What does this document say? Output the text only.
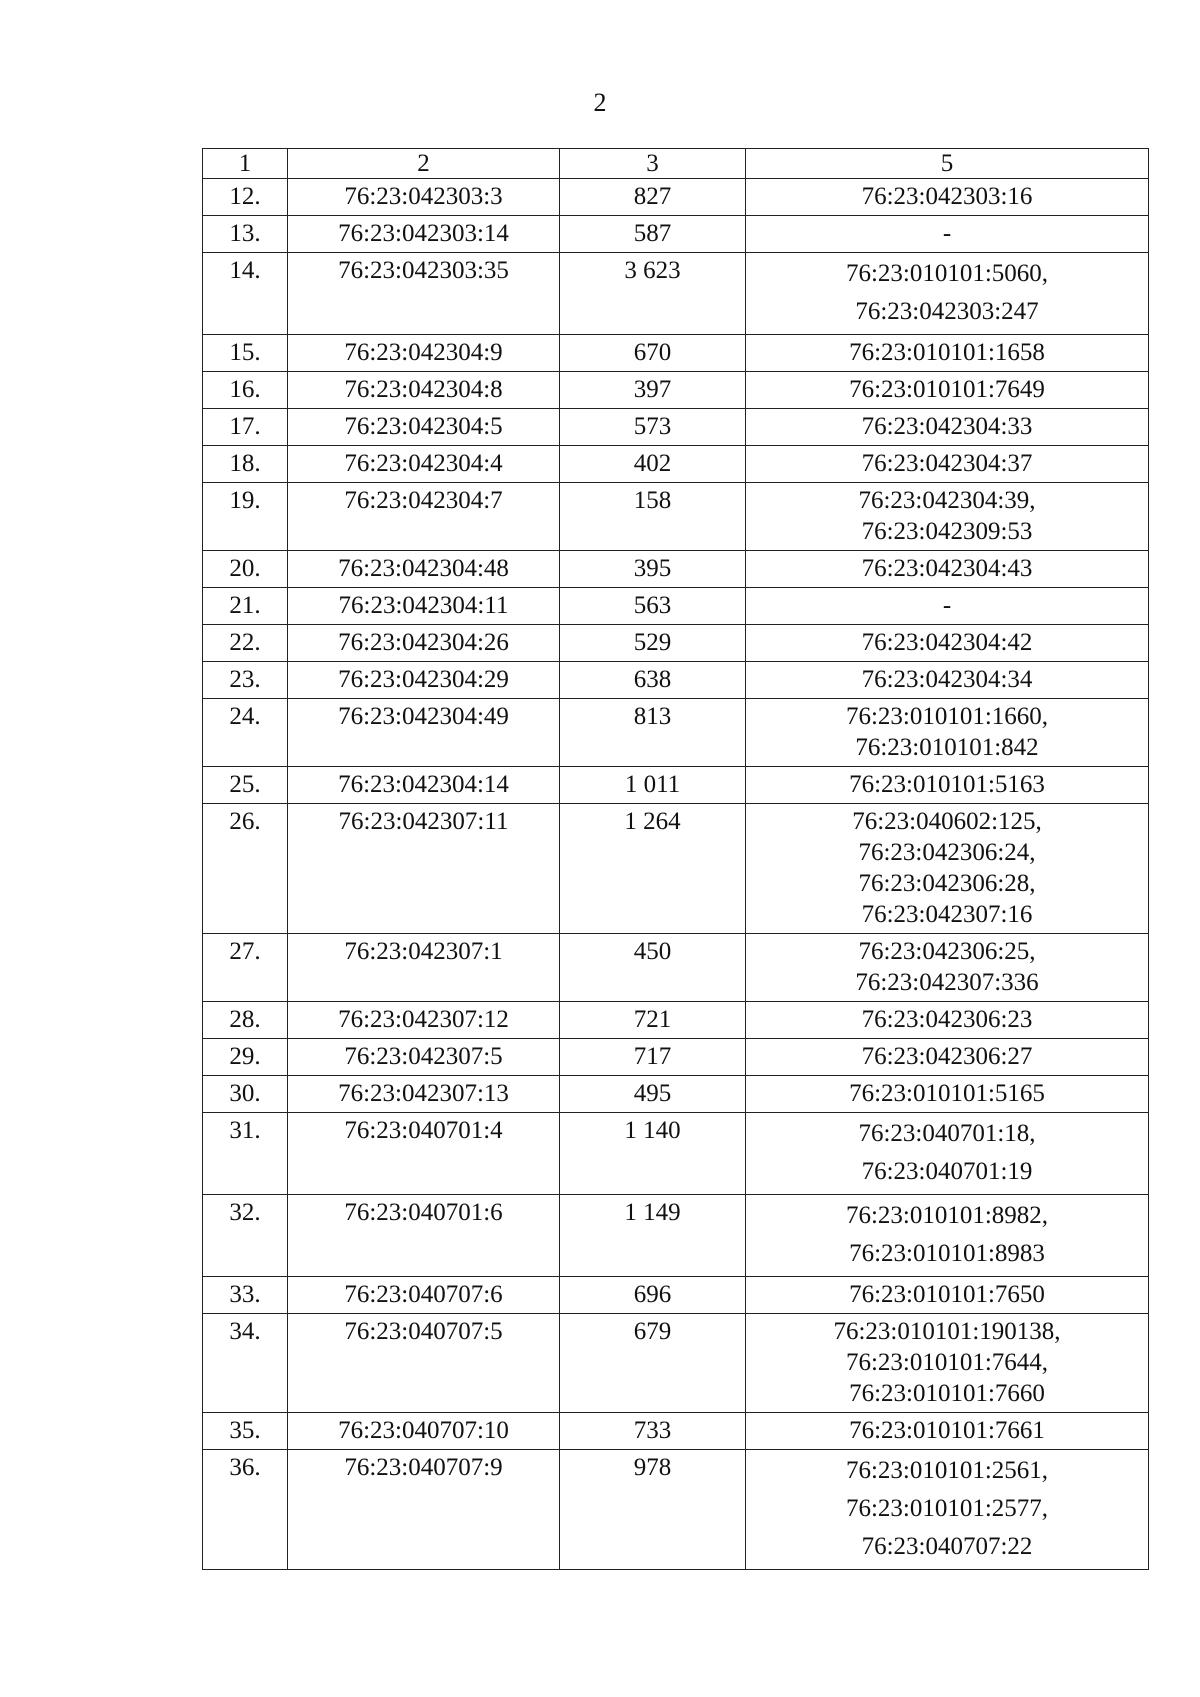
2
1	2	3	5
12.	76:23:042303:3	827	76:23:042303:16

13.	76:23:042303:14	587	-

14.	76:23:042303:35	3 623	76:23:010101:5060,
76:23:042303:247

15.	76:23:042304:9	670	76:23:010101:1658

16.	76:23:042304:8	397	76:23:010101:7649

17.	76:23:042304:5	573	76:23:042304:33

18.	76:23:042304:4	402	76:23:042304:37

19.	76:23:042304:7	158	76:23:042304:39,
76:23:042309:53

20.	76:23:042304:48	395	76:23:042304:43

21.	76:23:042304:11	563	-

22.	76:23:042304:26	529	76:23:042304:42

23.	76:23:042304:29	638	76:23:042304:34

24.	76:23:042304:49	813	76:23:010101:1660,
76:23:010101:842

25.	76:23:042304:14	1 011	76:23:010101:5163

26.	76:23:042307:11	1 264	76:23:040602:125,
76:23:042306:24,
76:23:042306:28,
76:23:042307:16

27.	76:23:042307:1	450	76:23:042306:25,
76:23:042307:336

28.	76:23:042307:12	721	76:23:042306:23

29.	76:23:042307:5	717	76:23:042306:27

30.	76:23:042307:13	495	76:23:010101:5165

31.	76:23:040701:4	1 140	76:23:040701:18,
76:23:040701:19

32.	76:23:040701:6	1 149	76:23:010101:8982,
76:23:010101:8983

33.	76:23:040707:6	696	76:23:010101:7650

34.	76:23:040707:5	679	76:23:010101:190138,
76:23:010101:7644,
76:23:010101:7660

35.	76:23:040707:10	733	76:23:010101:7661

36.	76:23:040707:9	978	76:23:010101:2561,
76:23:010101:2577,
76:23:040707:22
